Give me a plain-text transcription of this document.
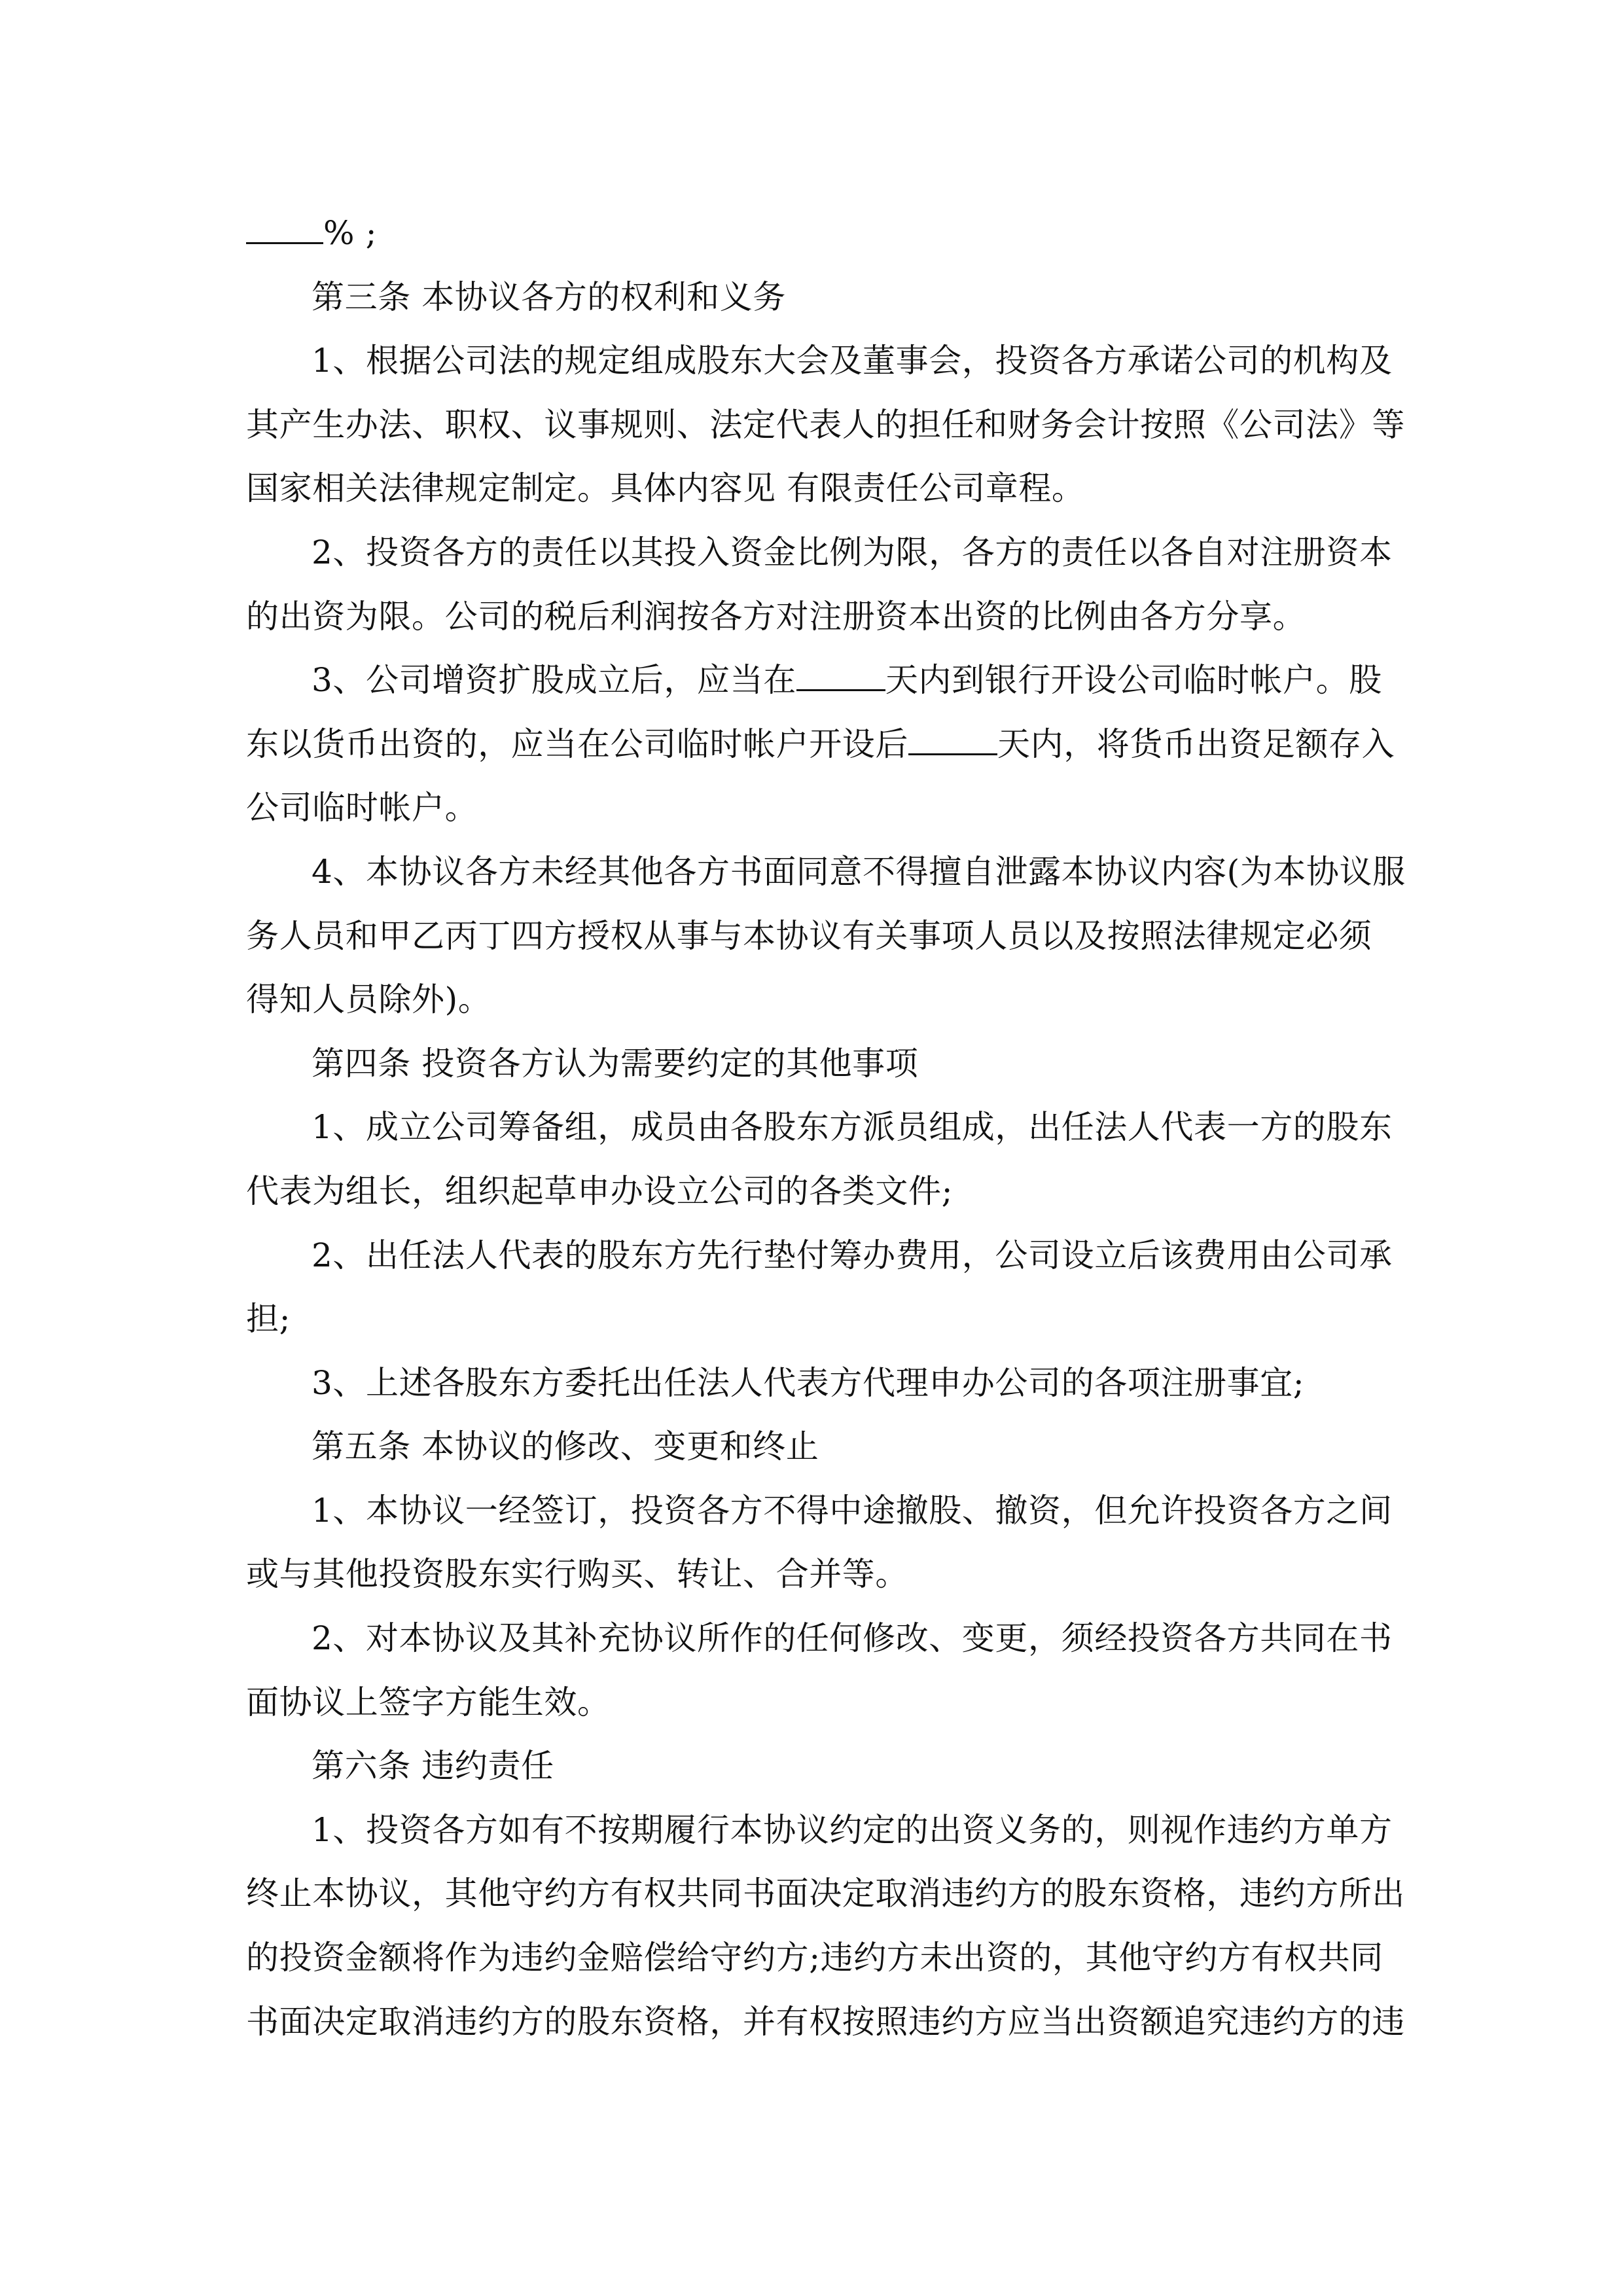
% ;
第三条 本协议各方的权利和义务
1、根据公司法的规定组成股东大会及董事会，投资各方承诺公司的机构及
其产生办法、职权、议事规则、法定代表人的担任和财务会计按照《公司法》等
国家相关法律规定制定。具体内容见 有限责任公司章程。
2、投资各方的责任以其投入资金比例为限，各方的责任以各自对注册资本
的出资为限。公司的税后利润按各方对注册资本出资的比例由各方分享。
3、公司增资扩股成立后，应当在	天内到银行开设公司临时帐户。股
东以货币出资的，应当在公司临时帐户开设后	天内，将货币出资足额存入
公司临时帐户。
4、本协议各方未经其他各方书面同意不得擅自泄露本协议内容(为本协议服
务人员和甲乙丙丁四方授权从事与本协议有关事项人员以及按照法律规定必须
得知人员除外)。
第四条 投资各方认为需要约定的其他事项
1、成立公司筹备组，成员由各股东方派员组成，出任法人代表一方的股东
代表为组长，组织起草申办设立公司的各类文件;
2、出任法人代表的股东方先行垫付筹办费用，公司设立后该费用由公司承
担;
3、上述各股东方委托出任法人代表方代理申办公司的各项注册事宜;
第五条 本协议的修改、变更和终止
1、本协议一经签订，投资各方不得中途撤股、撤资，但允许投资各方之间
或与其他投资股东实行购买、转让、合并等。
2、对本协议及其补充协议所作的任何修改、变更，须经投资各方共同在书
面协议上签字方能生效。
第六条 违约责任
1、投资各方如有不按期履行本协议约定的出资义务的，则视作违约方单方
终止本协议，其他守约方有权共同书面决定取消违约方的股东资格，违约方所出
的投资金额将作为违约金赔偿给守约方;违约方未出资的，其他守约方有权共同
书面决定取消违约方的股东资格，并有权按照违约方应当出资额追究违约方的违
